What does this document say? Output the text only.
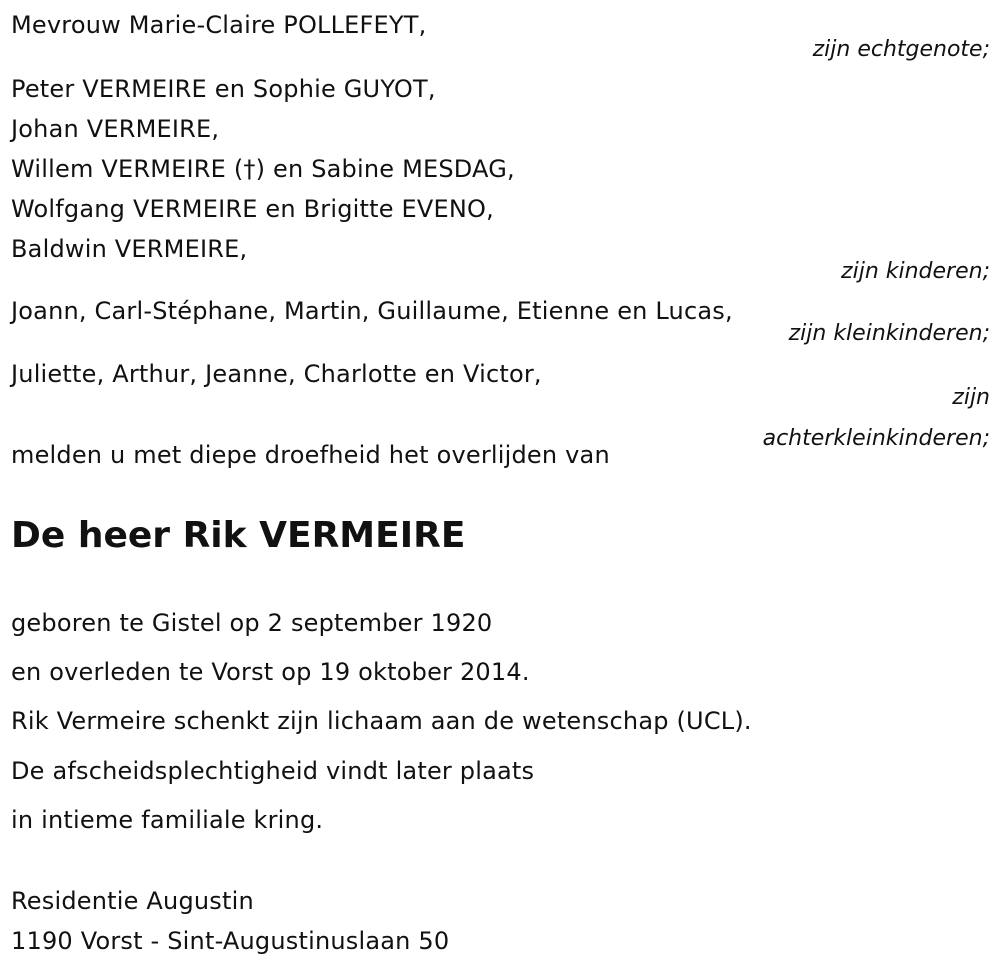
Mevrouw Marie-Claire POLLEFEYT,
zijn echtgenote;
Peter VERMEIRE en Sophie GUYOT,
Johan VERMEIRE,
Willem VERMEIRE (†) en Sabine MESDAG,
Wolfgang VERMEIRE en Brigitte EVENO,
Baldwin VERMEIRE,
zijn kinderen;
Joann, Carl-Stéphane, Martin, Guillaume, Etienne en Lucas,
zijn kleinkinderen;
Juliette, Arthur, Jeanne, Charlotte en Victor,
zijn
achterkleinkinderen;
melden u met diepe droefheid het overlijden van
De heer Rik VERMEIRE
geboren te Gistel op 2 september 1920
en overleden te Vorst op 19 oktober 2014.
Rik Vermeire schenkt zijn lichaam aan de wetenschap (UCL).
De afscheidsplechtigheid vindt later plaats
in intieme familiale kring.
Residentie Augustin
1190 Vorst - Sint-Augustinuslaan 50
